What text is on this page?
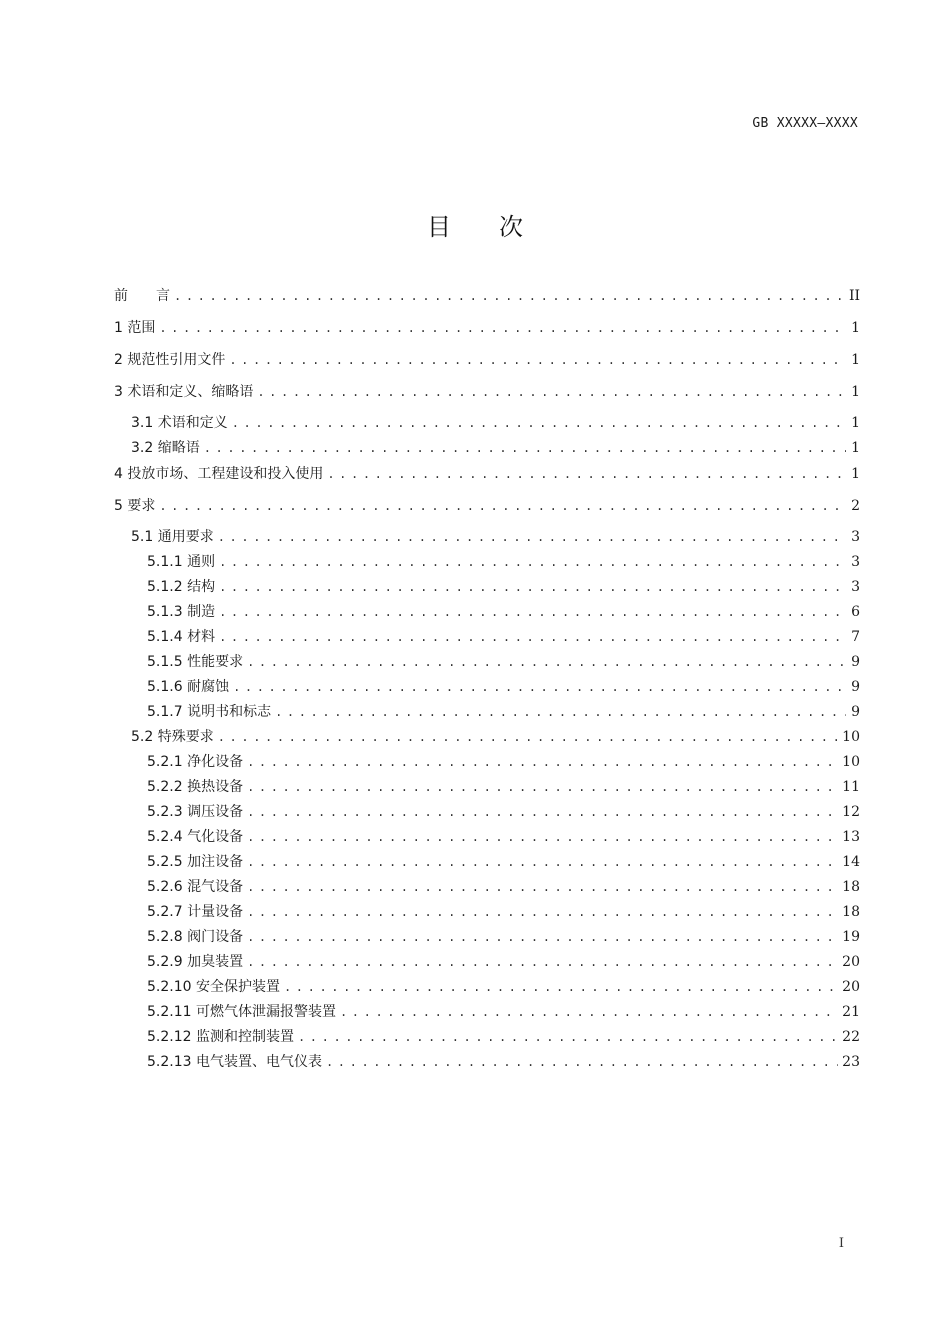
GB XXXXX—XXXX
目　　次
前　　言 .....	II
1 范围 .....	1
2 规范性引用文件 .....	1
3 术语和定义、缩略语 .....	1
3.1 术语和定义 .....	1
3.2 缩略语 .....	1
4 投放市场、工程建设和投入使用 .....	1
5 要求 .....	2
5.1 通用要求 .....	3
5.1.1 通则 .....	3
5.1.2 结构 .....	3
5.1.3 制造 .....	6
5.1.4 材料 .....	7
5.1.5 性能要求 .....	9
5.1.6 耐腐蚀 .....	9
5.1.7 说明书和标志 .....	9
5.2 特殊要求 .....	10
5.2.1 净化设备 .....	10
5.2.2 换热设备 .....	11
5.2.3 调压设备 .....	12
5.2.4 气化设备 .....	13
5.2.5 加注设备 .....	14
5.2.6 混气设备 .....	18
5.2.7 计量设备 .....	18
5.2.8 阀门设备 .....	19
5.2.9 加臭装置 .....	20
5.2.10 安全保护装置 .....	20
5.2.11 可燃气体泄漏报警装置 .....	21
5.2.12 监测和控制装置 .....	22
5.2.13 电气装置、电气仪表 .....	23
I
